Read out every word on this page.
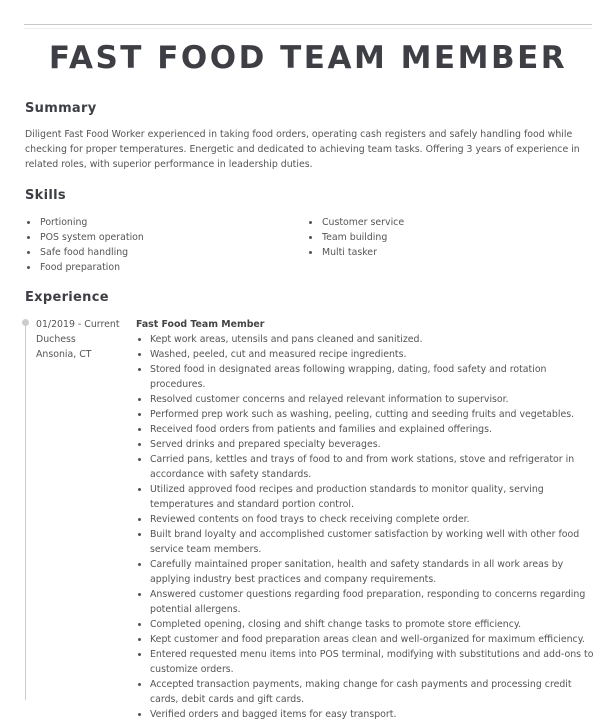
FAST FOOD TEAM MEMBER
Summary
Diligent Fast Food Worker experienced in taking food orders, operating cash registers and safely handling food while checking for proper temperatures. Energetic and dedicated to achieving team tasks. Offering 3 years of experience in related roles, with superior performance in leadership duties.
Skills
• Portioning
• POS system operation
• Safe food handling
• Food preparation
• Customer service
• Team building
• Multi tasker
Experience
01/2019 - Current
Duchess
Ansonia, CT
Fast Food Team Member
• Kept work areas, utensils and pans cleaned and sanitized.
• Washed, peeled, cut and measured recipe ingredients.
• Stored food in designated areas following wrapping, dating, food safety and rotation procedures.
• Resolved customer concerns and relayed relevant information to supervisor.
• Performed prep work such as washing, peeling, cutting and seeding fruits and vegetables.
• Received food orders from patients and families and explained offerings.
• Served drinks and prepared specialty beverages.
• Carried pans, kettles and trays of food to and from work stations, stove and refrigerator in accordance with safety standards.
• Utilized approved food recipes and production standards to monitor quality, serving temperatures and standard portion control.
• Reviewed contents on food trays to check receiving complete order.
• Built brand loyalty and accomplished customer satisfaction by working well with other food service team members.
• Carefully maintained proper sanitation, health and safety standards in all work areas by applying industry best practices and company requirements.
• Answered customer questions regarding food preparation, responding to concerns regarding potential allergens.
• Completed opening, closing and shift change tasks to promote store efficiency.
• Kept customer and food preparation areas clean and well-organized for maximum efficiency.
• Entered requested menu items into POS terminal, modifying with substitutions and add-ons to customize orders.
• Accepted transaction payments, making change for cash payments and processing credit cards, debit cards and gift cards.
• Verified orders and bagged items for easy transport.
